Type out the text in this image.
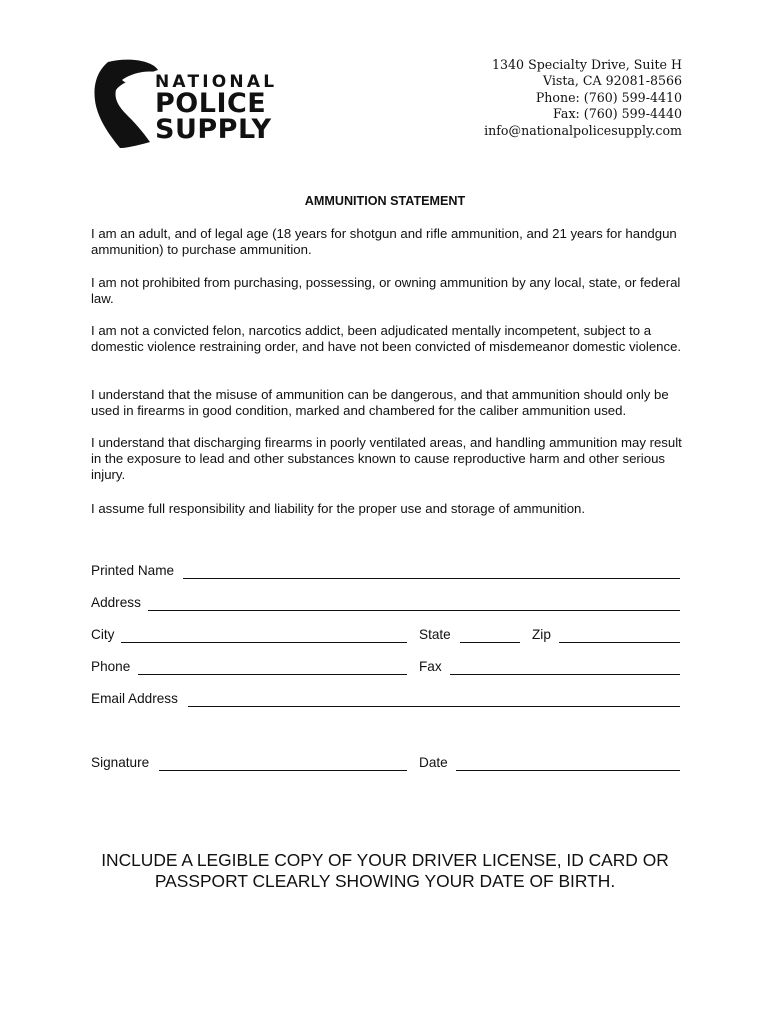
NATIONAL
POLICE
SUPPLY
1340 Specialty Drive, Suite H
Vista, CA 92081-8566
Phone: (760) 599-4410
Fax: (760) 599-4440
info@nationalpolicesupply.com
AMMUNITION STATEMENT
I am an adult, and of legal age (18 years for shotgun and rifle ammunition, and 21 years for handgun ammunition) to purchase ammunition.
I am not prohibited from purchasing, possessing, or owning ammunition by any local, state, or federal law.
I am not a convicted felon, narcotics addict, been adjudicated mentally incompetent, subject to a domestic violence restraining order, and have not been convicted of misdemeanor domestic violence.
I understand that the misuse of ammunition can be dangerous, and that ammunition should only be used in firearms in good condition, marked and chambered for the caliber ammunition used.
I understand that discharging firearms in poorly ventilated areas, and handling ammunition may result in the exposure to lead and other substances known to cause reproductive harm and other serious injury.
I assume full responsibility and liability for the proper use and storage of ammunition.
Printed Name
Address
City	State	Zip
Phone	Fax
Email Address
Signature	Date
INCLUDE A LEGIBLE COPY OF YOUR DRIVER LICENSE, ID CARD OR
PASSPORT CLEARLY SHOWING YOUR DATE OF BIRTH.
